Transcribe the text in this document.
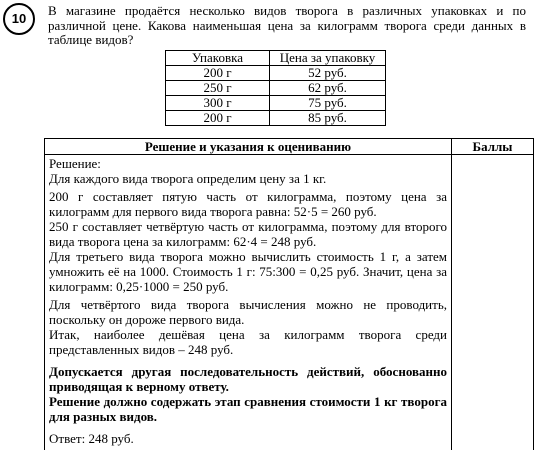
10
В магазине продаётся несколько видов творога в различных упаковках и по различной цене. Какова наименьшая цена за килограмм творога среди данных в таблице видов?
Упаковка	Цена за упаковку
200 г	52 руб.
250 г	62 руб.
300 г	75 руб.
200 г	85 руб.
Решение и указания к оцениванию	Баллы

Решение:

Для каждого вида творога определим цену за 1 кг.

200 г составляет пятую часть от килограмма, поэтому цена за килограмм для первого вида творога равна: 52·5 = 260 руб.

250 г составляет четвёртую часть от килограмма, поэтому для второго вида творога цена за килограмм: 62·4 = 248 руб.

Для третьего вида творога можно вычислить стоимость 1 г, а затем умножить её на 1000. Стоимость 1 г: 75:300 = 0,25 руб. Значит, цена за килограмм: 0,25·1000 = 250 руб.

Для четвёртого вида творога вычисления можно не проводить, поскольку он дороже первого вида.

Итак, наиболее дешёвая цена за килограмм творога среди представленных видов – 248 руб.

Допускается другая последовательность действий, обоснованно приводящая к верному ответу.

Решение должно содержать этап сравнения стоимости 1 кг творога для разных видов.

Ответ: 248 руб.
